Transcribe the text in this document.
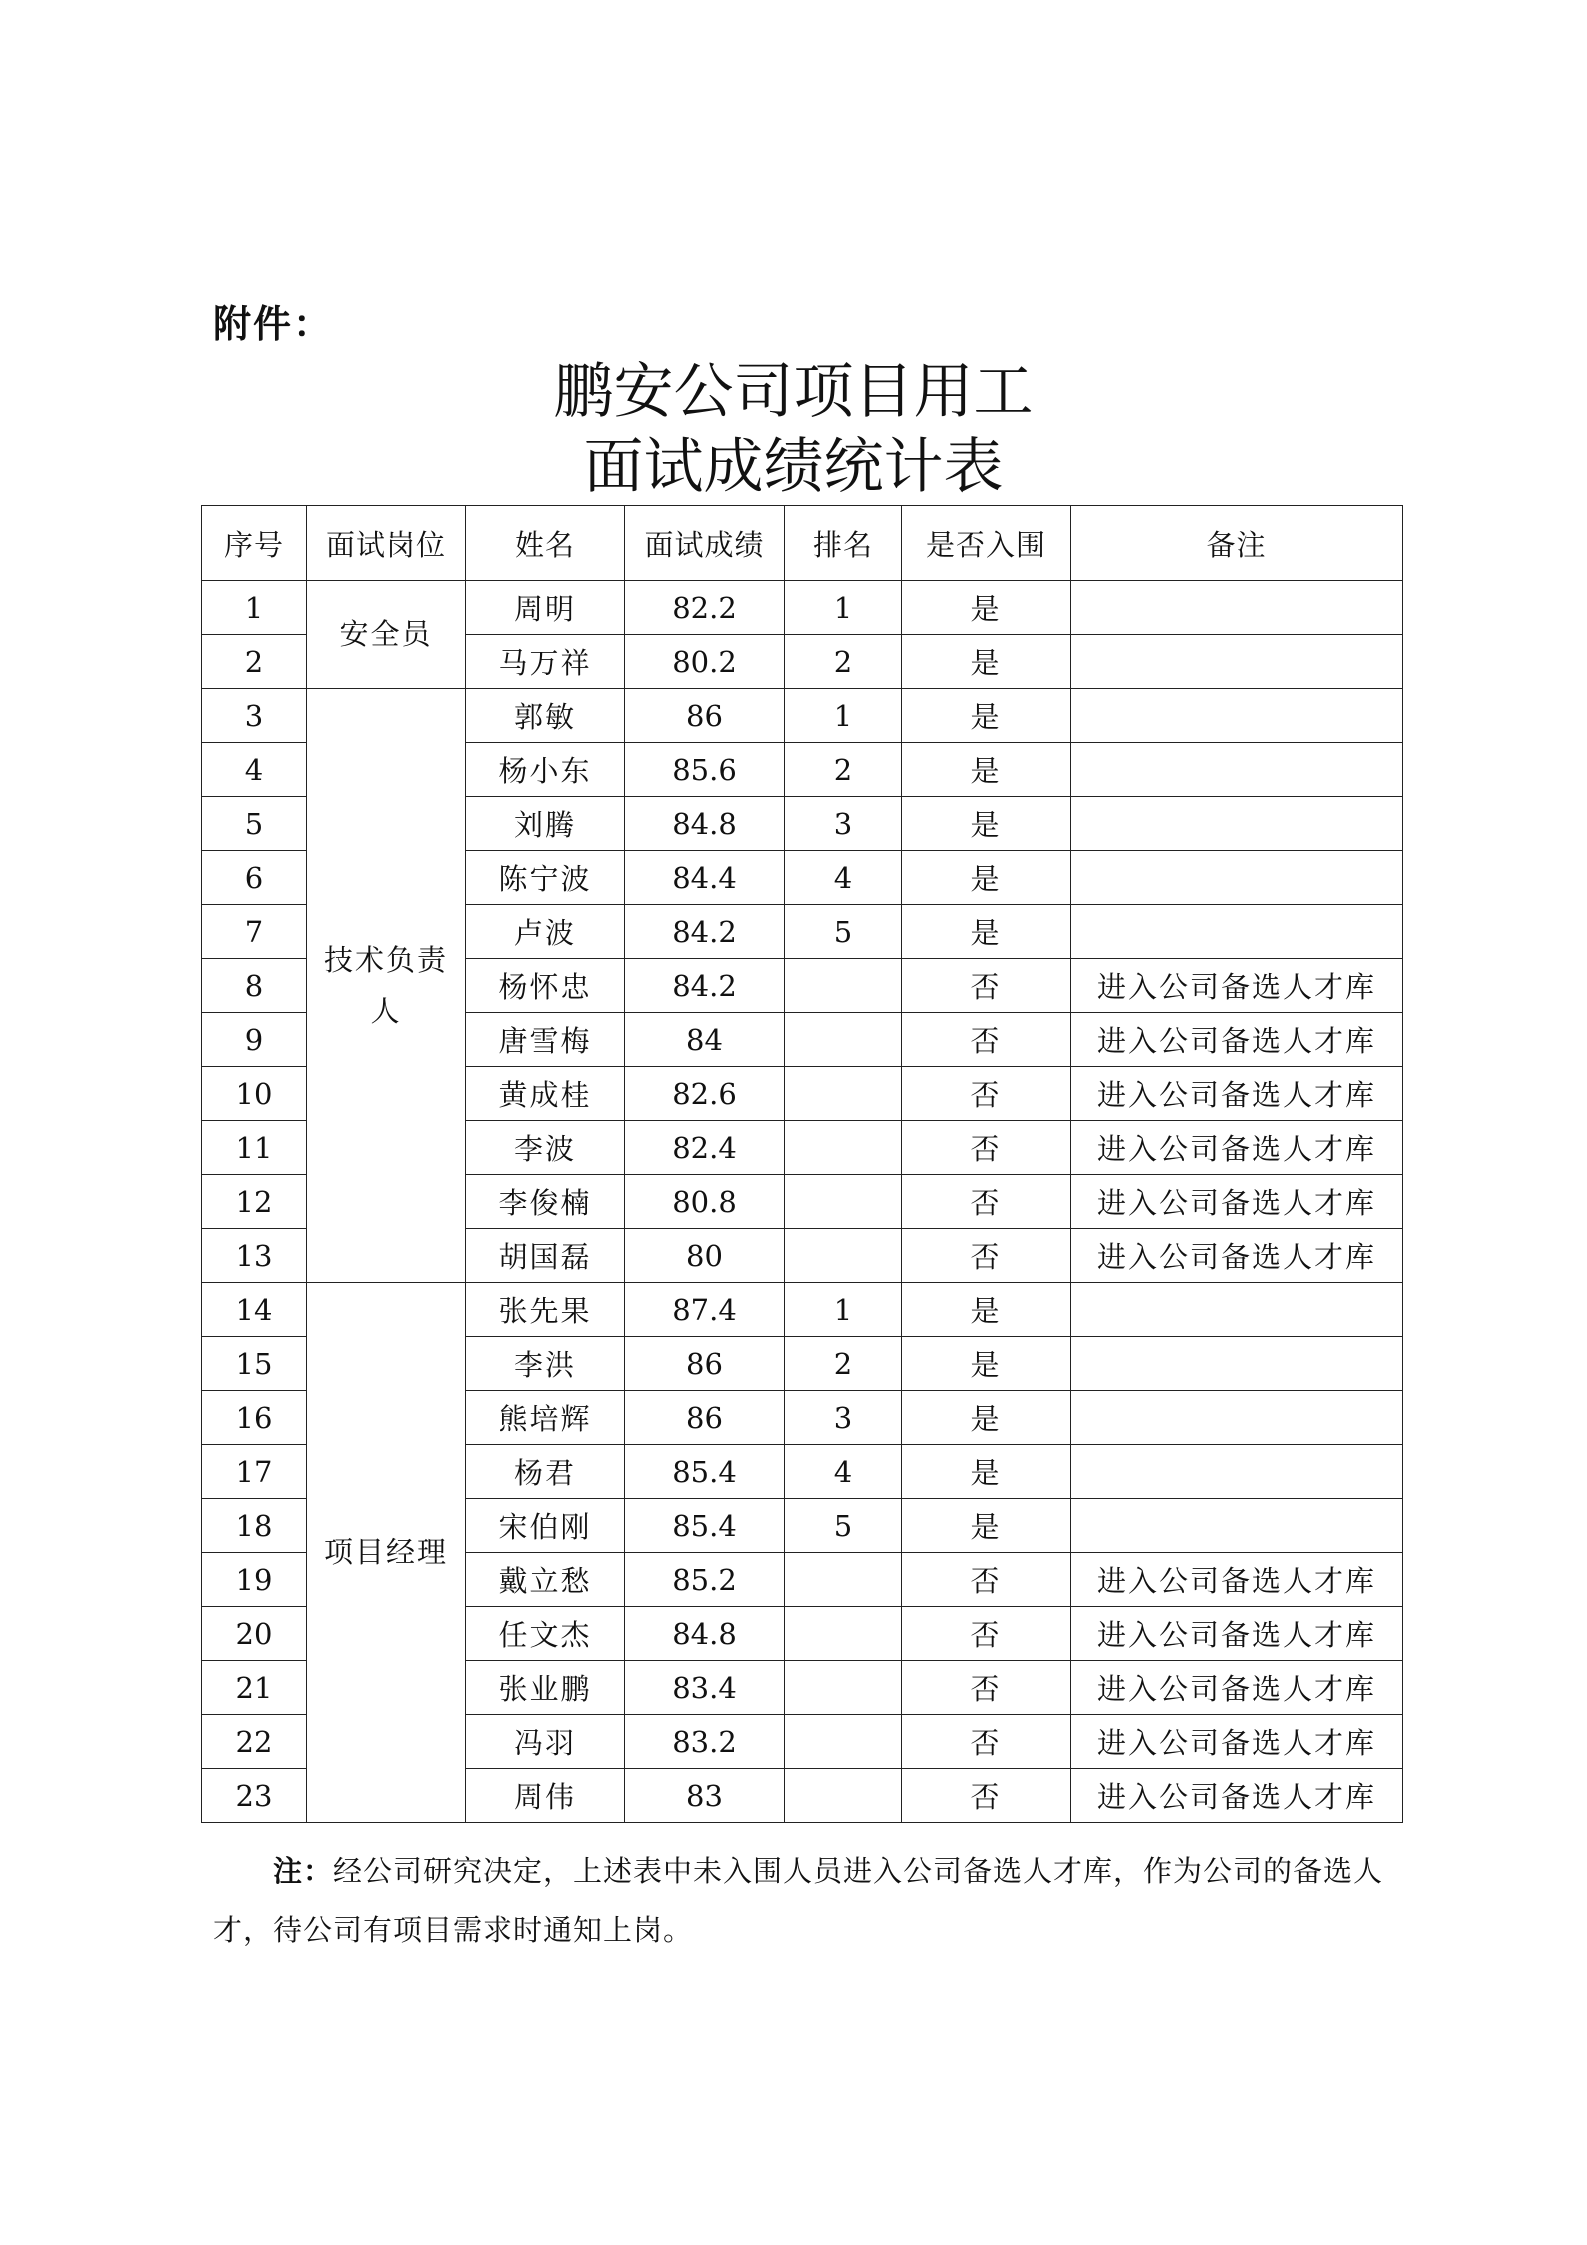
附件：
鹏安公司项目用工
面试成绩统计表
序号	面试岗位	姓名	面试成绩	排名	是否入围	备注
1	安全员	周明	82.2	1	是	
2		马万祥	80.2	2	是	
3	技术负责人	郭敏	86	1	是	
4		杨小东	85.6	2	是	
5		刘腾	84.8	3	是	
6		陈宁波	84.4	4	是	
7		卢波	84.2	5	是	
8		杨怀忠	84.2		否	进入公司备选人才库
9		唐雪梅	84		否	进入公司备选人才库
10		黄成桂	82.6		否	进入公司备选人才库
11		李波	82.4		否	进入公司备选人才库
12		李俊楠	80.8		否	进入公司备选人才库
13		胡国磊	80		否	进入公司备选人才库
14	项目经理	张先果	87.4	1	是	
15		李洪	86	2	是	
16		熊培辉	86	3	是	
17		杨君	85.4	4	是	
18		宋伯刚	85.4	5	是	
19		戴立愁	85.2		否	进入公司备选人才库
20		任文杰	84.8		否	进入公司备选人才库
21		张业鹏	83.4		否	进入公司备选人才库
22		冯羽	83.2		否	进入公司备选人才库
23		周伟	83		否	进入公司备选人才库
注：经公司研究决定，上述表中未入围人员进入公司备选人才库，作为公司的备选人才，待公司有项目需求时通知上岗。
